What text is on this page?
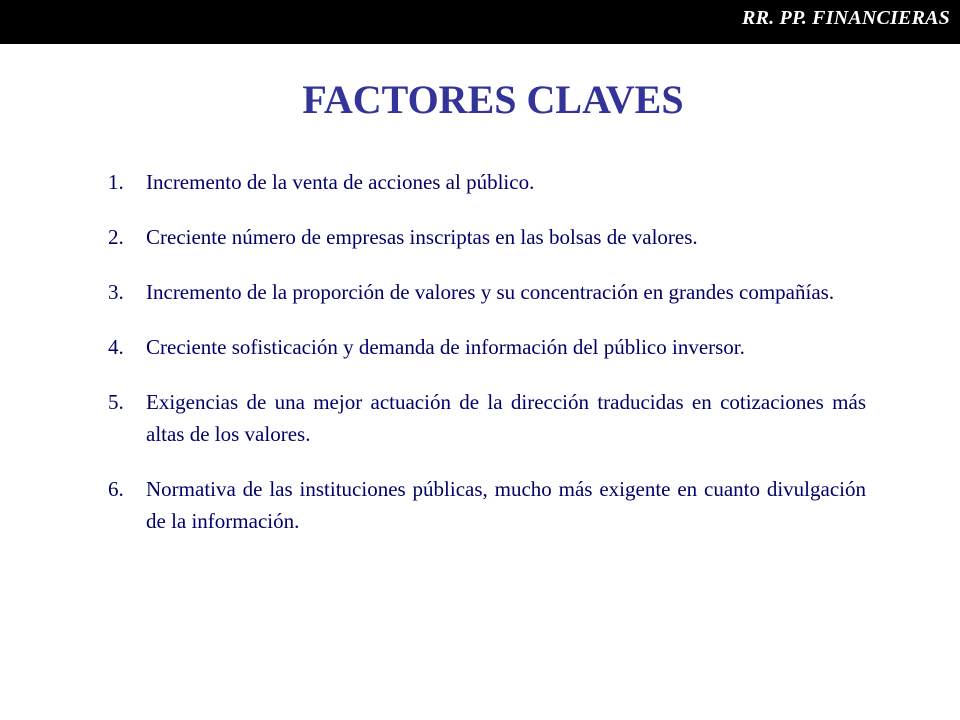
RR. PP. FINANCIERAS
FACTORES CLAVES
1.	Incremento de la venta de acciones al público.
2.	Creciente número de empresas inscriptas en las bolsas de valores.
3.	Incremento de la proporción de valores y su concentración en grandes compañías.
4.	Creciente sofisticación y demanda de información del público inversor.
5.	Exigencias de una mejor actuación de la dirección traducidas en cotizaciones más altas de los valores.
6.	Normativa de las instituciones públicas, mucho más exigente en cuanto divulgación de la información.
